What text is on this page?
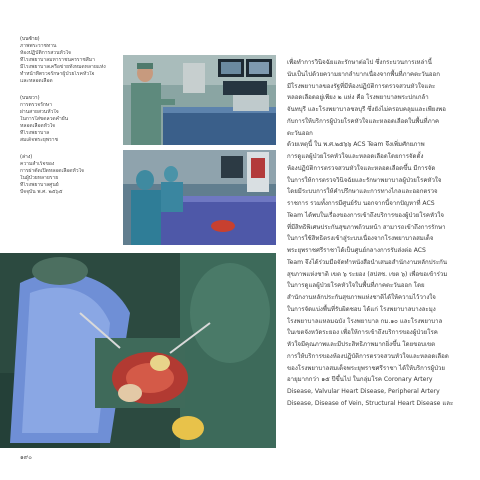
(บนซ้าย)

ภาพพระราชทาน

ห้องปฏิบัติการสวนหัวใจ

ที่โรงพยาบาลมหาราชนครราชสีมา

มีโรงพยาบาลเครือข่ายทั้งหมดหลายแห่ง

ทำหน้าที่ตรวจรักษาผู้ป่วยโรคหัวใจ

และหลอดเลือด

(บนขวา)

การตรวจรักษา

ผ่านสายสวนหัวใจ

ในการใส่ขดลวดค้ำยัน

หลอดเลือดหัวใจ

ที่โรงพยาบาล

สมเด็จพระยุพราช

(ล่าง)

ความสำเร็จของ

การผ่าตัดเปิดหลอดเลือดหัวใจ

ในผู้ป่วยหลายราย

ที่โรงพยาบาลศูนย์

ปัจจุบัน พ.ศ. ๒๕๖๕

เพื่อทำการวินิจฉัยและรักษาต่อไป ซึ่งกระบวนการเหล่านี้
นับเป็นไปด้วยความยากลำบากเนื่องจากพื้นที่ภาคตะวันออก
มีโรงพยาบาลของรัฐที่มีห้องปฏิบัติการตรวจสวนหัวใจและ
หลอดเลือดอยู่เพียง ๒ แห่ง คือ โรงพยาบาลพระปกเกล้า
จันทบุรี และโรงพยาบาลชลบุรี ซึ่งยังไม่ครอบคลุมและเพียงพอ
กับการให้บริการผู้ป่วยโรคหัวใจและหลอดเลือดในพื้นที่ภาค
ตะวันออก
ด้วยเหตุนี้ ใน พ.ศ.๒๕๖๖ ACS Team จึงเพิ่มศักยภาพ
การดูแลผู้ป่วยโรคหัวใจและหลอดเลือดโดยการจัดตั้ง
ห้องปฏิบัติการตรวจสวนหัวใจและหลอดเลือดขึ้น มีการจัด
ในการให้การตรวจวินิจฉัยและรักษาพยาบาลผู้ป่วยโรคหัวใจ
โดยมีระบบการให้คำปรึกษาและการทางไกลและออกตรวจ
ราชการ รวมทั้งการมีศูนย์รับ นอกจากนี้จากปัญหาที่ ACS
Team ได้พบในเรื่องของการเข้าถึงบริการของผู้ป่วยโรคหัวใจ
ที่มีสิทธิพิเศษประกันสุขภาพถ้วนหน้า สามารถเข้าถึงการรักษา
ในการใช้สิทธิตรงเข้าสู่ระบบเนื่องจากโรงพยาบาลสมเด็จ
พระยุพราชศรีราชาได้เป็นศูนย์กลางการรับส่งต่อ ACS
Team จึงได้ร่วมมือจัดทำหนังสือนำเสนอสำนักงานหลักประกัน
สุขภาพแห่งชาติ เขต ๖ ระยอง (สปสช. เขต ๖) เพื่อขอเข้าร่วม
ในการดูแลผู้ป่วยโรคหัวใจในพื้นที่ภาคตะวันออก โดย
สำนักงานหลักประกันสุขภาพแห่งชาติได้ให้ความไว้วางใจ
ในการจัดแบ่งพื้นที่รับผิดชอบ ได้แก่ โรงพยาบาลบางละมุง
โรงพยาบาลแหลมฉบัง โรงพยาบาล กม.๑๐ และโรงพยาบาล
ในเขตจังหวัดระยอง เพื่อให้การเข้าถึงบริการของผู้ป่วยโรค
หัวใจมีคุณภาพและมีประสิทธิภาพมากยิ่งขึ้น โดยขอบเขต
การให้บริการของห้องปฏิบัติการตรวจสวนหัวใจและหลอดเลือด
ของโรงพยาบาลสมเด็จพระยุพราชศรีราชา ได้ให้บริการผู้ป่วย
อายุมากกว่า ๑๕ ปีขึ้นไป ในกลุ่มโรค Coronary Artery
Disease, Valvular Heart Disease, Peripheral Artery
Disease, Disease of Vein, Structural Heart Disease และ
๑๙๐
